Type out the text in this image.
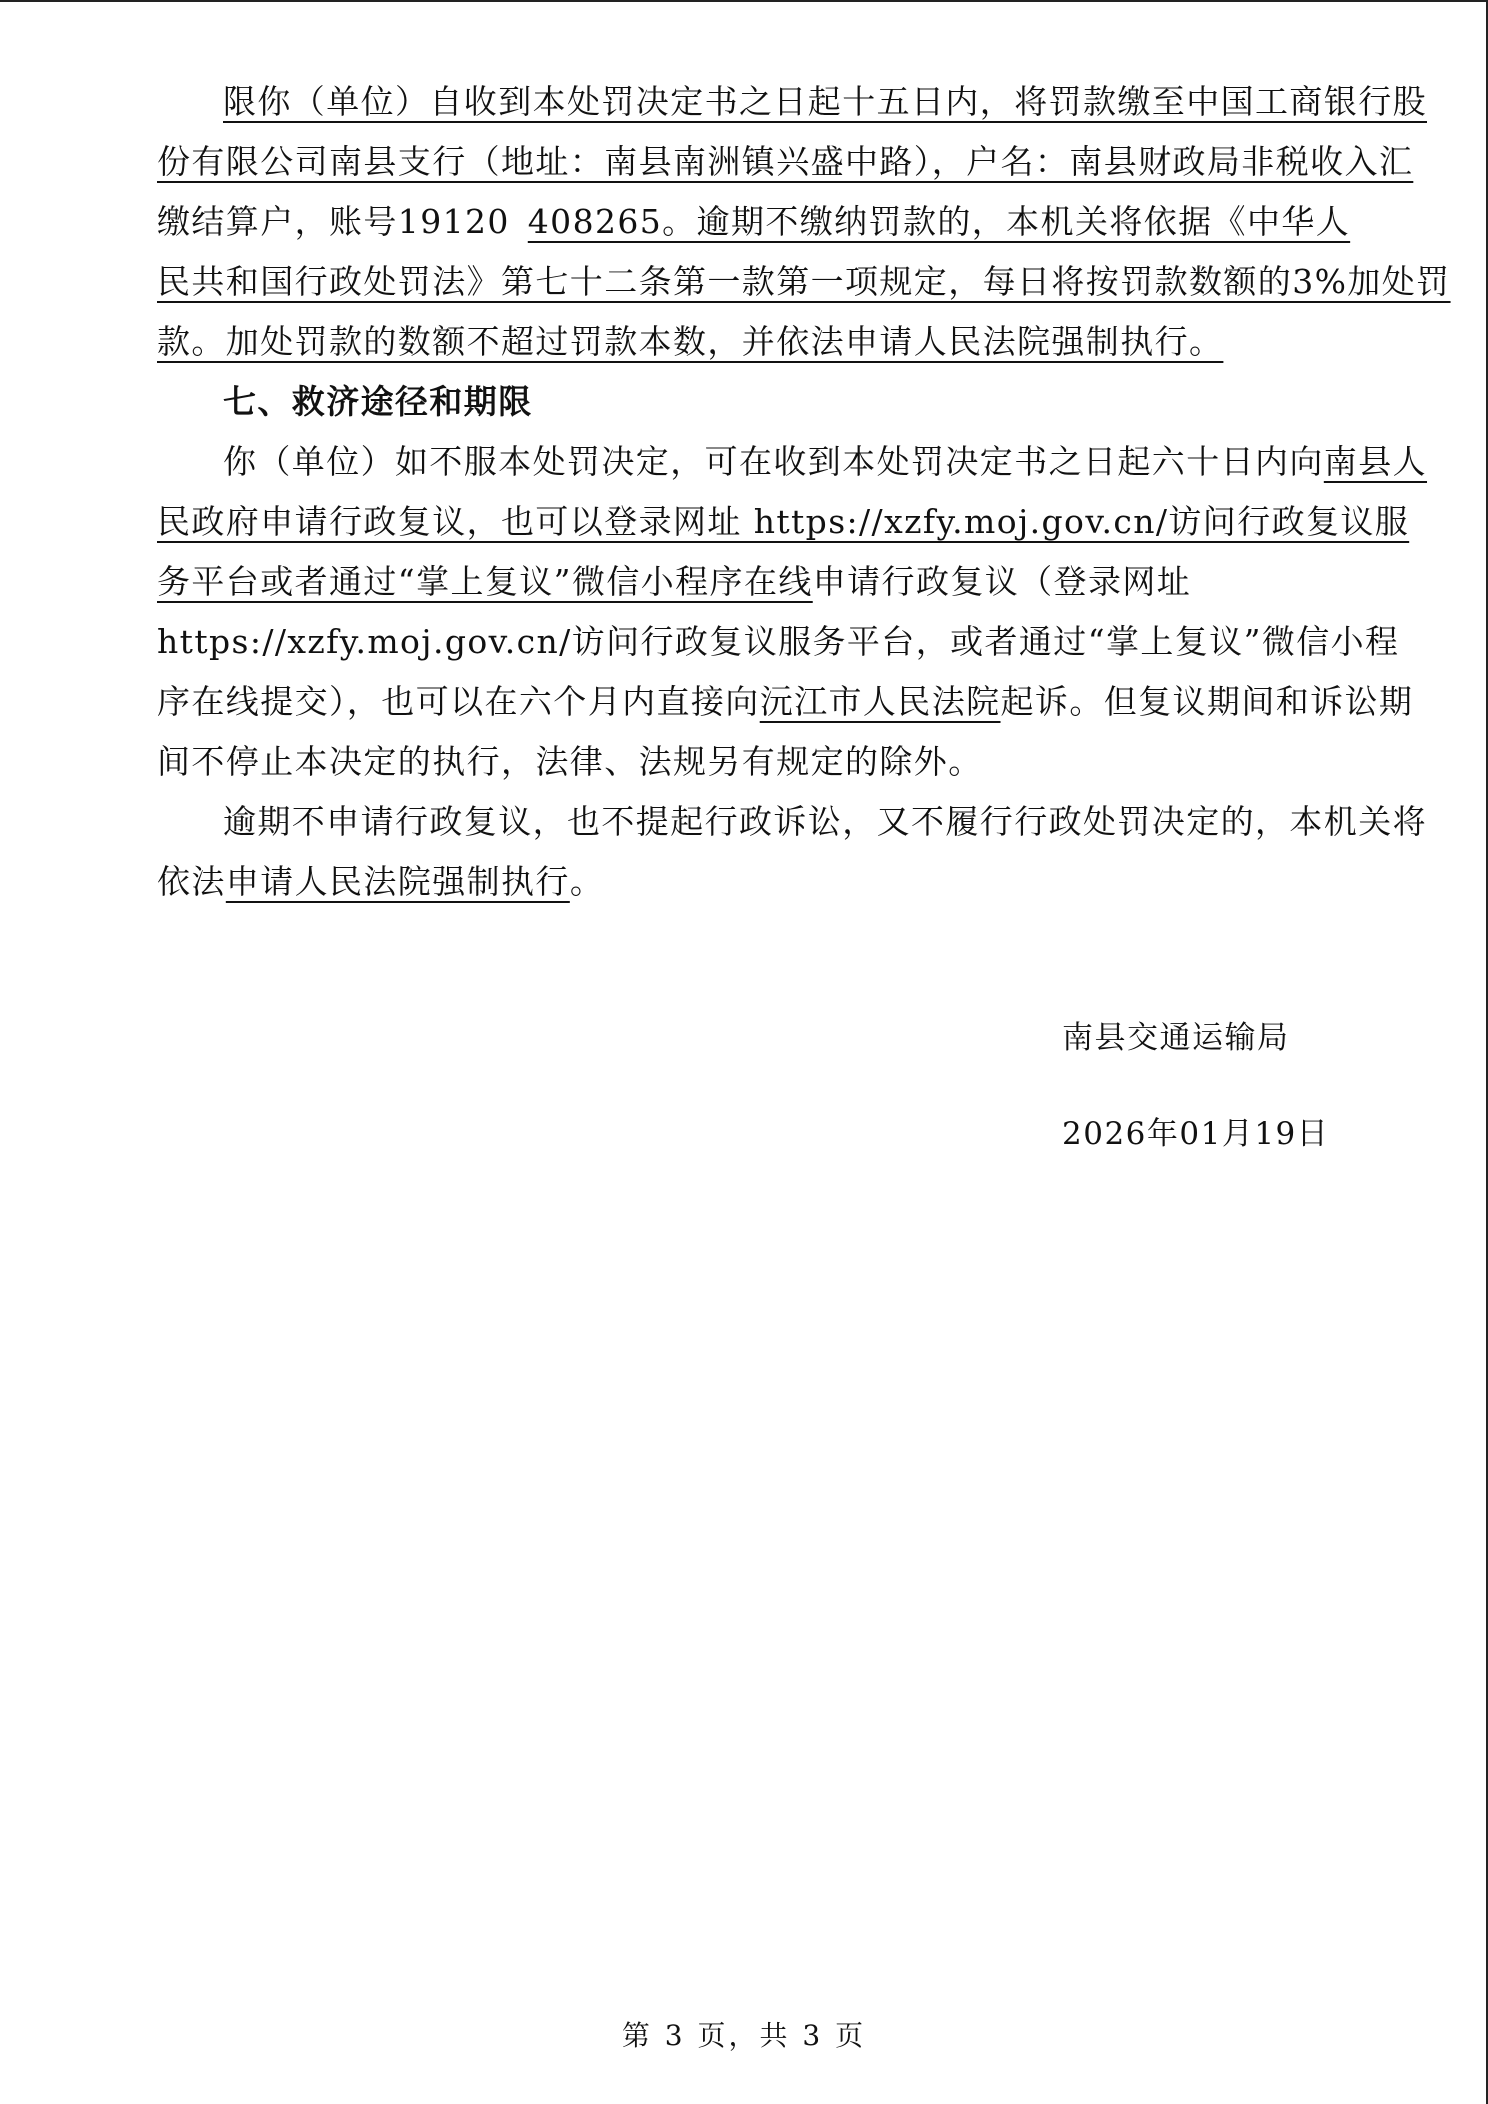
限你（单位）自收到本处罚决定书之日起十五日内，将罚款缴至中国工商银行股
份有限公司南县支行（地址：南县南洲镇兴盛中路），户名：南县财政局非税收入汇
缴结算户，账号19120 408265。逾期不缴纳罚款的，本机关将依据《中华人
民共和国行政处罚法》第七十二条第一款第一项规定，每日将按罚款数额的3%加处罚
款。加处罚款的数额不超过罚款本数，并依法申请人民法院强制执行。
七、救济途径和期限
你（单位）如不服本处罚决定，可在收到本处罚决定书之日起六十日内向南县人
民政府申请行政复议，也可以登录网址 https://xzfy.moj.gov.cn/访问行政复议服
务平台或者通过“掌上复议”微信小程序在线申请行政复议（登录网址
https://xzfy.moj.gov.cn/访问行政复议服务平台，或者通过“掌上复议”微信小程
序在线提交），也可以在六个月内直接向沅江市人民法院起诉。但复议期间和诉讼期
间不停止本决定的执行，法律、法规另有规定的除外。
逾期不申请行政复议，也不提起行政诉讼，又不履行行政处罚决定的，本机关将
依法申请人民法院强制执行。
南县交通运输局
2026年01月19日
第 3 页，共 3 页
